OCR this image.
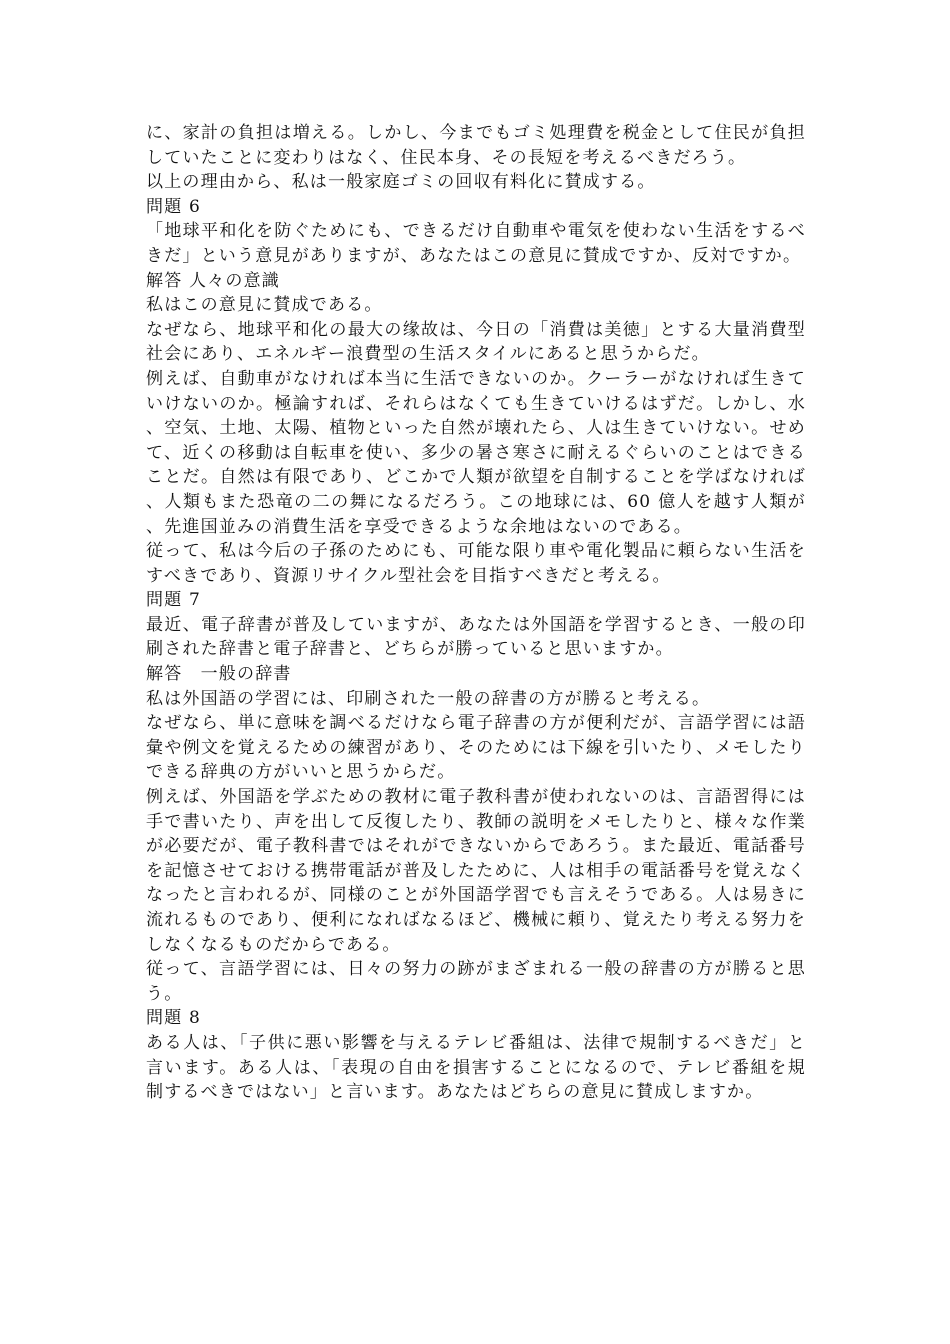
に、家計の負担は増える。しかし、今までもゴミ処理費を税金として住民が負担していたことに変わりはなく、住民本身、その長短を考えるべきだろう。

以上の理由から、私は一般家庭ゴミの回収有料化に賛成する。

問題 6

「地球平和化を防ぐためにも、できるだけ自動車や電気を使わない生活をするべきだ」という意見がありますが、あなたはこの意見に賛成ですか、反対ですか。

解答 人々の意識

私はこの意見に賛成である。

なぜなら、地球平和化の最大の缘故は、今日の「消費は美徳」とする大量消費型社会にあり、エネルギー浪費型の生活スタイルにあると思うからだ。

例えば、自動車がなければ本当に生活できないのか。クーラーがなければ生きていけないのか。極論すれば、それらはなくても生きていけるはずだ。しかし、水、空気、土地、太陽、植物といった自然が壊れたら、人は生きていけない。せめて、近くの移動は自転車を使い、多少の暑さ寒さに耐えるぐらいのことはできることだ。自然は有限であり、どこかで人類が欲望を自制することを学ばなければ、人類もまた恐竜の二の舞になるだろう。この地球には、60 億人を越す人類が、先進国並みの消費生活を享受できるような余地はないのである。

従って、私は今后の子孫のためにも、可能な限り車や電化製品に頼らない生活をすべきであり、資源リサイクル型社会を目指すべきだと考える。

問題 7

最近、電子辞書が普及していますが、あなたは外国語を学習するとき、一般の印刷された辞書と電子辞書と、どちらが勝っていると思いますか。

解答　一般の辞書

私は外国語の学習には、印刷された一般の辞書の方が勝ると考える。

なぜなら、単に意味を調べるだけなら電子辞書の方が便利だが、言語学習には語彙や例文を覚えるための練習があり、そのためには下線を引いたり、メモしたりできる辞典の方がいいと思うからだ。

例えば、外国語を学ぶための教材に電子教科書が使われないのは、言語習得には手で書いたり、声を出して反復したり、教師の説明をメモしたりと、様々な作業が必要だが、電子教科書ではそれができないからであろう。また最近、電話番号を記憶させておける携帯電話が普及したために、人は相手の電話番号を覚えなくなったと言われるが、同様のことが外国語学習でも言えそうである。人は易きに流れるものであり、便利になればなるほど、機械に頼り、覚えたり考える努力をしなくなるものだからである。

従って、言語学習には、日々の努力の跡がまざまれる一般の辞書の方が勝ると思う。

問題 8

ある人は、「子供に悪い影響を与えるテレビ番組は、法律で規制するべきだ」と言います。ある人は、「表現の自由を損害することになるので、テレビ番組を規制するべきではない」と言います。あなたはどちらの意見に賛成しますか。
